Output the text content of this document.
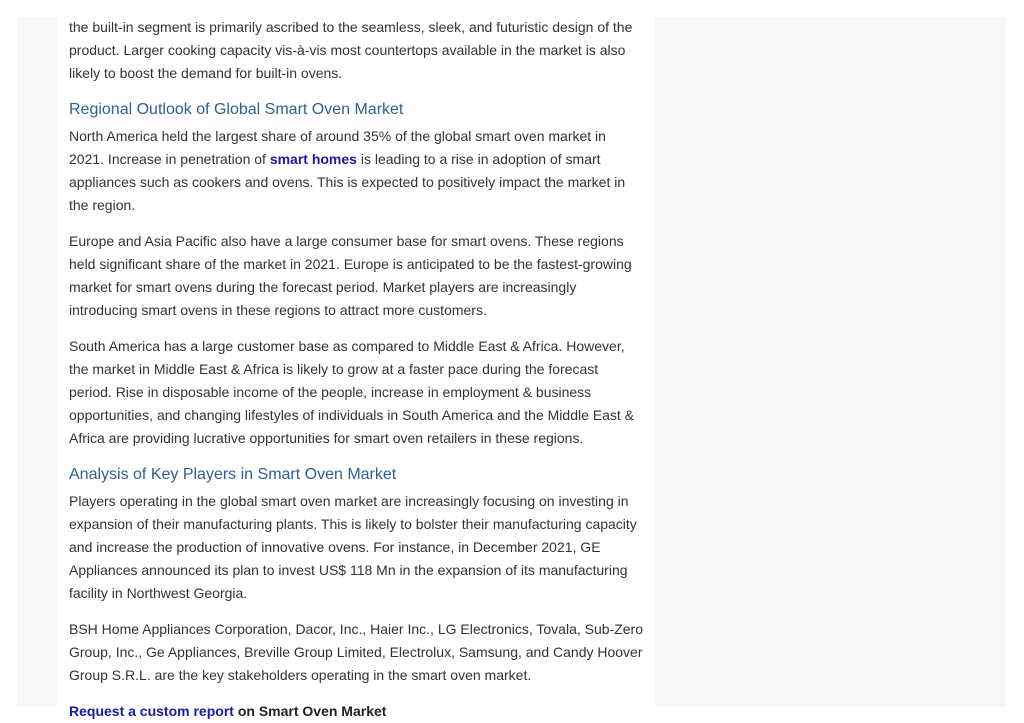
the built-in segment is primarily ascribed to the seamless, sleek, and futuristic design of the product. Larger cooking capacity vis-à-vis most countertops available in the market is also likely to boost the demand for built-in ovens.

Regional Outlook of Global Smart Oven Market

North America held the largest share of around 35% of the global smart oven market in 2021. Increase in penetration of smart homes is leading to a rise in adoption of smart appliances such as cookers and ovens. This is expected to positively impact the market in the region.

Europe and Asia Pacific also have a large consumer base for smart ovens. These regions held significant share of the market in 2021. Europe is anticipated to be the fastest-growing market for smart ovens during the forecast period. Market players are increasingly introducing smart ovens in these regions to attract more customers.

South America has a large customer base as compared to Middle East & Africa. However, the market in Middle East & Africa is likely to grow at a faster pace during the forecast period. Rise in disposable income of the people, increase in employment & business opportunities, and changing lifestyles of individuals in South America and the Middle East & Africa are providing lucrative opportunities for smart oven retailers in these regions.

Analysis of Key Players in Smart Oven Market

Players operating in the global smart oven market are increasingly focusing on investing in expansion of their manufacturing plants. This is likely to bolster their manufacturing capacity and increase the production of innovative ovens. For instance, in December 2021, GE Appliances announced its plan to invest US$ 118 Mn in the expansion of its manufacturing facility in Northwest Georgia.

BSH Home Appliances Corporation, Dacor, Inc., Haier Inc., LG Electronics, Tovala, Sub-Zero Group, Inc., Ge Appliances, Breville Group Limited, Electrolux, Samsung, and Candy Hoover Group S.R.L. are the key stakeholders operating in the smart oven market.

Request a custom report on Smart Oven Market
